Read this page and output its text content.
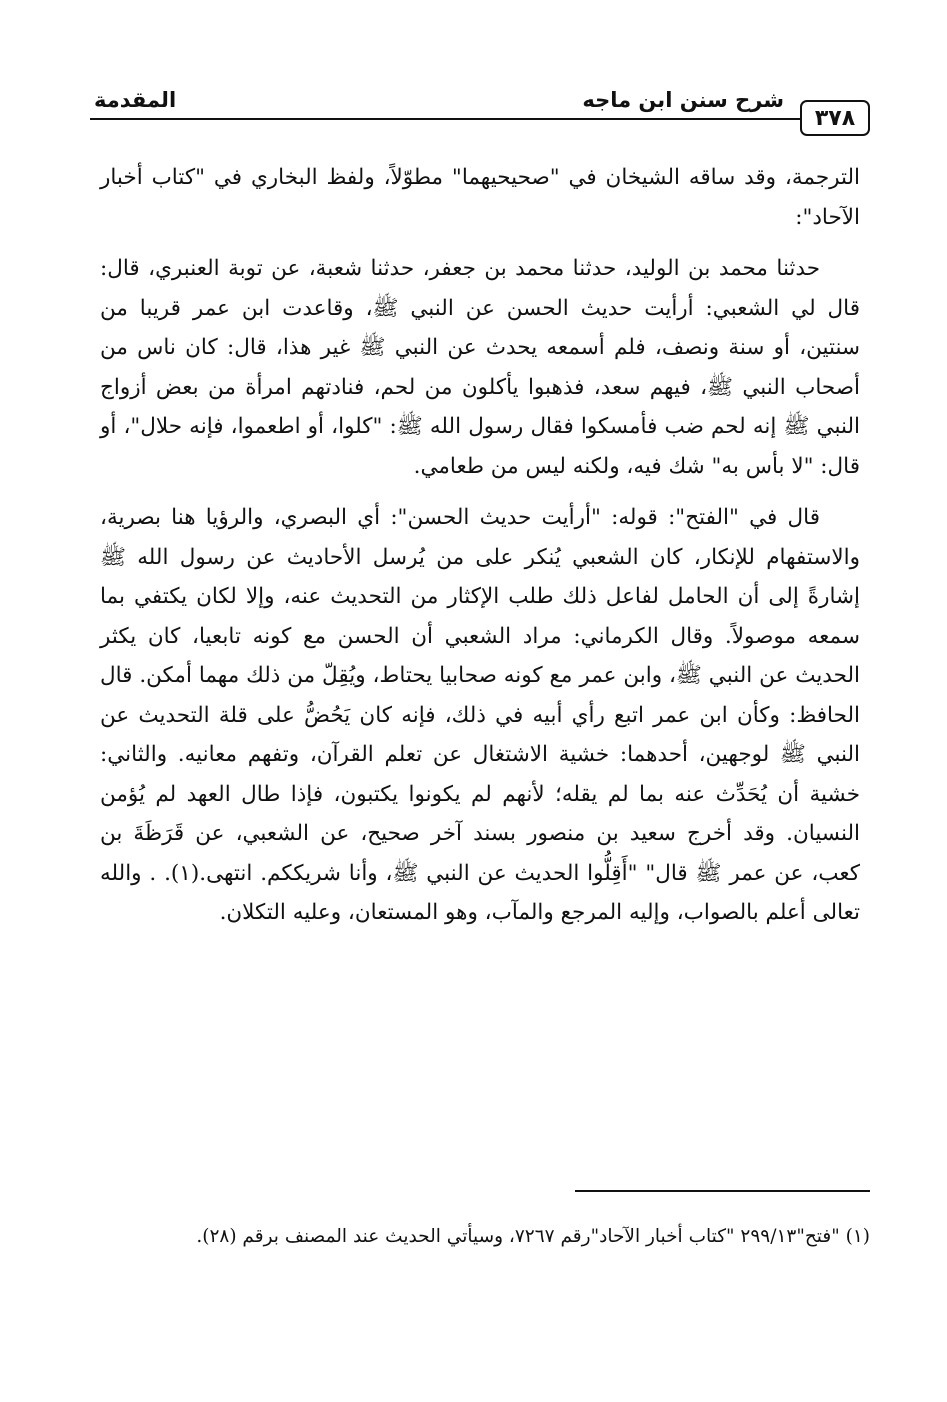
المقدمة	شرح سنن ابن ماجه
٣٧٨

الترجمة، وقد ساقه الشيخان في "صحيحيهما" مطوّلاً، ولفظ البخاري في "كتاب أخبار الآحاد":

حدثنا محمد بن الوليد، حدثنا محمد بن جعفر، حدثنا شعبة، عن توبة العنبري، قال: قال لي الشعبي: أرأيت حديث الحسن عن النبي ﷺ، وقاعدت ابن عمر قريبا من سنتين، أو سنة ونصف، فلم أسمعه يحدث عن النبي ﷺ غير هذا، قال: كان ناس من أصحاب النبي ﷺ، فيهم سعد، فذهبوا يأكلون من لحم، فنادتهم امرأة من بعض أزواج النبي ﷺ إنه لحم ضب فأمسكوا فقال رسول الله ﷺ: "كلوا، أو اطعموا، فإنه حلال"، أو قال: "لا بأس به" شك فيه، ولكنه ليس من طعامي.

قال في "الفتح": قوله: "أرأيت حديث الحسن": أي البصري، والرؤيا هنا بصرية، والاستفهام للإنكار، كان الشعبي يُنكر على من يُرسل الأحاديث عن رسول الله ﷺ إشارةً إلى أن الحامل لفاعل ذلك طلب الإكثار من التحديث عنه، وإلا لكان يكتفي بما سمعه موصولاً. وقال الكرماني: مراد الشعبي أن الحسن مع كونه تابعيا، كان يكثر الحديث عن النبي ﷺ، وابن عمر مع كونه صحابيا يحتاط، ويُقِلّ من ذلك مهما أمكن. قال الحافظ: وكأن ابن عمر اتبع رأي أبيه في ذلك، فإنه كان يَحُضُّ على قلة التحديث عن النبي ﷺ لوجهين، أحدهما: خشية الاشتغال عن تعلم القرآن، وتفهم معانيه. والثاني: خشية أن يُحَدِّث عنه بما لم يقله؛ لأنهم لم يكونوا يكتبون، فإذا طال العهد لم يُؤمن النسيان. وقد أخرج سعيد بن منصور بسند آخر صحيح، عن الشعبي، عن قَرَظَةَ بن كعب، عن عمر ﷺ قال" "أَقِلُّوا الحديث عن النبي ﷺ، وأنا شريككم. انتهى.(١). . والله تعالى أعلم بالصواب، وإليه المرجع والمآب، وهو المستعان، وعليه التكلان.

(١) "فتح"٢٩٩/١٣ "كتاب أخبار الآحاد"رقم ٧٢٦٧، وسيأتي الحديث عند المصنف برقم (٢٨).
